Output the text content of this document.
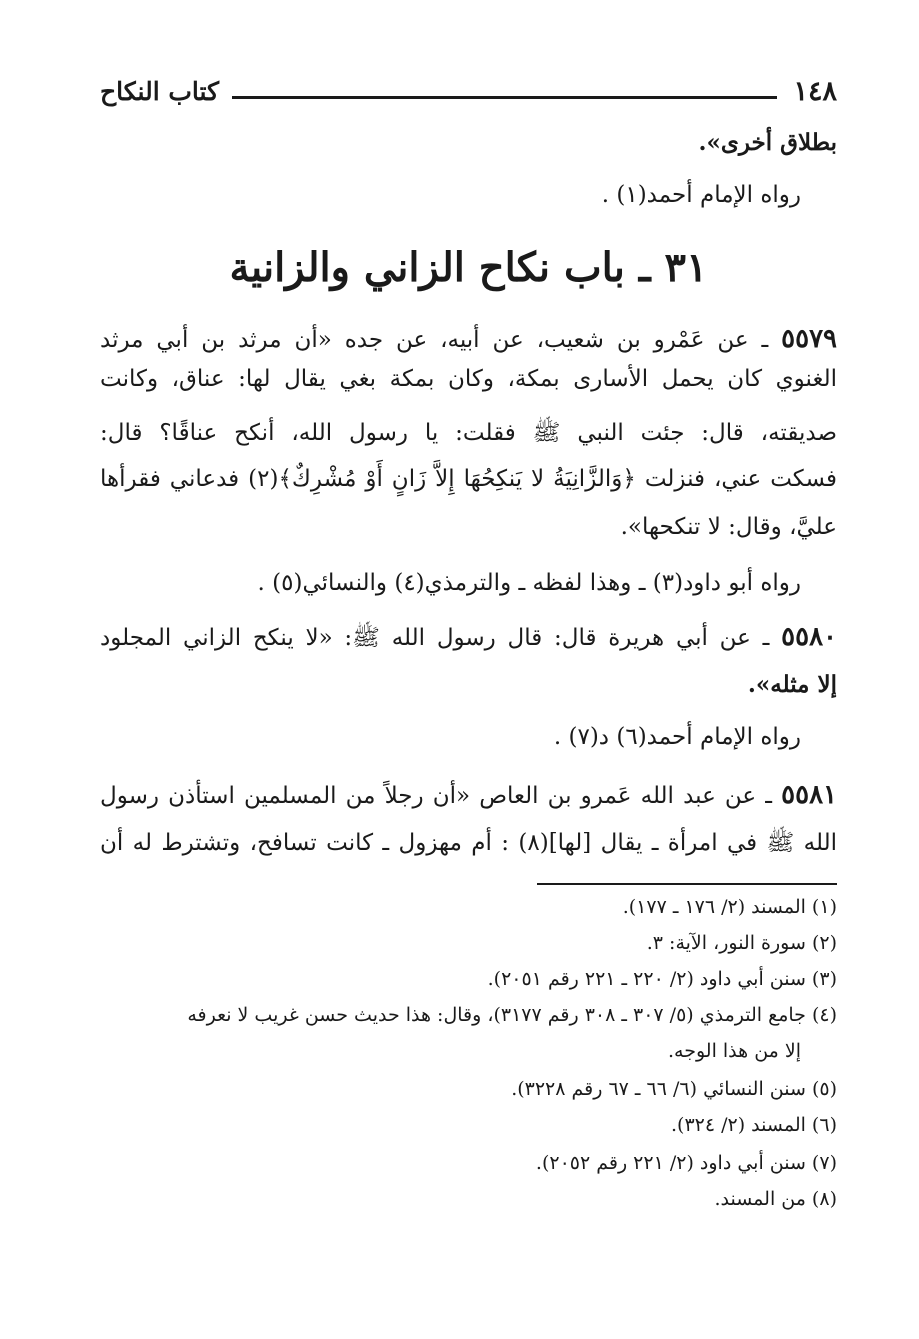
١٤٨
كتاب النكاح
بطلاق أخرى».
رواه الإمام أحمد(١) .
٣١ ـ باب نكاح الزاني والزانية
٥٥٧٩ ـ عن عَمْرو بن شعيب، عن أبيه، عن جده «أن مرثد بن أبي مرثد
الغنوي كان يحمل الأسارى بمكة، وكان بمكة بغي يقال لها: عناق، وكانت
صديقته، قال: جئت النبي ﷺ فقلت: يا رسول الله، أنكح عناقًا؟ قال:
فسكت عني، فنزلت ﴿وَالزَّانِيَةُ لا يَنكِحُهَا إِلاَّ زَانٍ أَوْ مُشْرِكٌ﴾(٢) فدعاني فقرأها
عليَّ، وقال: لا تنكحها».
رواه أبو داود(٣) ـ وهذا لفظه ـ والترمذي(٤) والنسائي(٥) .
٥٥٨٠ ـ عن أبي هريرة قال: قال رسول الله ﷺ: «لا ينكح الزاني المجلود
إلا مثله».
رواه الإمام أحمد(٦) د(٧) .
٥٥٨١ ـ عن عبد الله عَمرو بن العاص «أن رجلاً من المسلمين استأذن رسول
الله ﷺ في امرأة ـ يقال [لها](٨) : أم مهزول ـ كانت تسافح، وتشترط له أن
(١) المسند (٢/ ١٧٦ ـ ١٧٧).
(٢) سورة النور، الآية: ٣.
(٣) سنن أبي داود (٢/ ٢٢٠ ـ ٢٢١ رقم ٢٠٥١).
(٤) جامع الترمذي (٥/ ٣٠٧ ـ ٣٠٨ رقم ٣١٧٧)، وقال: هذا حديث حسن غريب لا نعرفه
إلا من هذا الوجه.
(٥) سنن النسائي (٦/ ٦٦ ـ ٦٧ رقم ٣٢٢٨).
(٦) المسند (٢/ ٣٢٤).
(٧) سنن أبي داود (٢/ ٢٢١ رقم ٢٠٥٢).
(٨) من المسند.
